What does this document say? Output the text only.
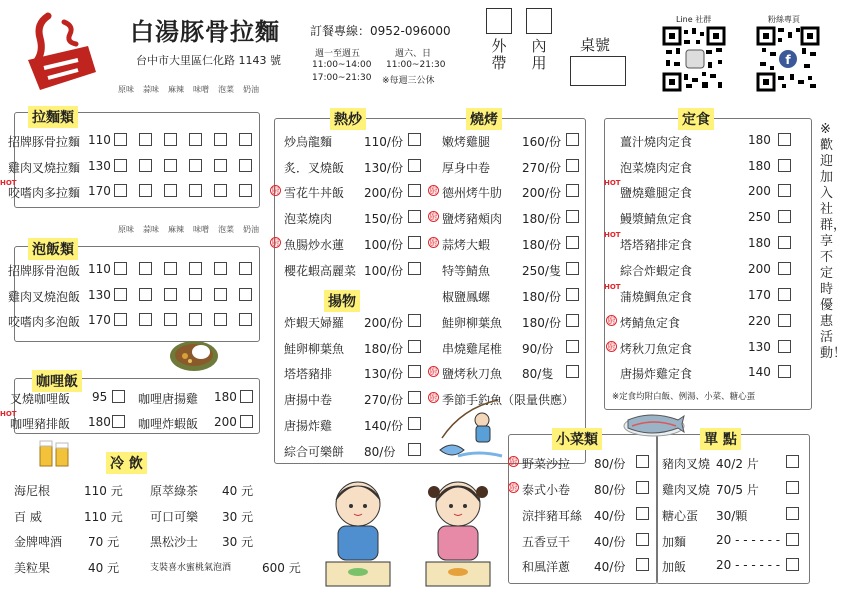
白湯豚骨拉麵
台中市大里區仁化路 1143 號
訂餐專線：0952-096000
週一至週五
11:00~14:00
17:00~21:30
週六、日
11:00~21:30
※每週三公休
外帶
內用
桌號
Line 社群	粉絲專頁
f
拉麵類
原味 蒜味 麻辣 味噌 泡菜 奶油
招牌豚骨拉麵 110
雞肉叉燒拉麵 130
HOT
咬嗜肉多拉麵 170
泡飯類
原味 蒜味 麻辣 味噌 泡菜 奶油
招牌豚骨泡飯 110
雞肉叉燒泡飯 130
咬嗜肉多泡飯 170
咖哩飯
叉燒咖哩飯 95	咖哩唐揚雞 180
HOT
咖哩豬排飯 180 咖哩炸蝦飯 200
冷 飲
海尼根	110 元 原萃綠茶 40 元
百 威	110 元 可口可樂 30 元
金牌啤酒 70 元	黑松沙士 30 元
美粒果	40 元	支裝喜水蜜桃氣泡酒	600 元
熱炒	燒烤
揚物
炒烏龍麵	110/份
炙．叉燒飯 130/份
廚 雪花牛丼飯 200/份
泡菜燒肉	150/份
廚 魚腸炒水蓮 100/份
櫻花蝦高麗菜 100/份
炸蝦天婦羅 200/份
鮭卵柳葉魚 180/份
塔塔豬排	130/份
唐揚中卷	270/份
唐揚炸雞	140/份
綜合可樂餅 80/份
嫩烤雞腿	160/份
厚身中卷	270/份
廚 德州烤牛肋 200/份
廚 鹽烤豬頰肉 180/份
廚 蒜烤大蝦	180/份
特等鯖魚	250/隻
椒鹽鳳螺	180/份
鮭卵柳葉魚 180/份
串燒雞尾椎 90/份
廚 鹽烤秋刀魚 80/隻
廚 季節手釣魚（限量供應）
小菜類
廚 野菜沙拉 80/份
廚 泰式小卷 80/份
涼拌豬耳絲 40/份
五香豆干 40/份
和風洋蔥 40/份
單 點
豬肉叉燒 40/2 片
雞肉叉燒 70/5 片
糖心蛋 30/顆
加麵 20 - - - - - -
加飯 20 - - - - - -
定食
薑汁燒肉定食	180
泡菜燒肉定食	180
HOT
鹽燒雞腿定食	200
鰻漿鯖魚定食	250
HOT
塔塔豬排定食	180
綜合炸蝦定食	200
HOT
蒲燒鯛魚定食	170
廚 烤鯖魚定食	220
廚 烤秋刀魚定食	130
唐揚炸雞定食	140
※定食均附白飯、例湯、小菜、糖心蛋
※歡迎加入社群，享不定時優惠活動！
